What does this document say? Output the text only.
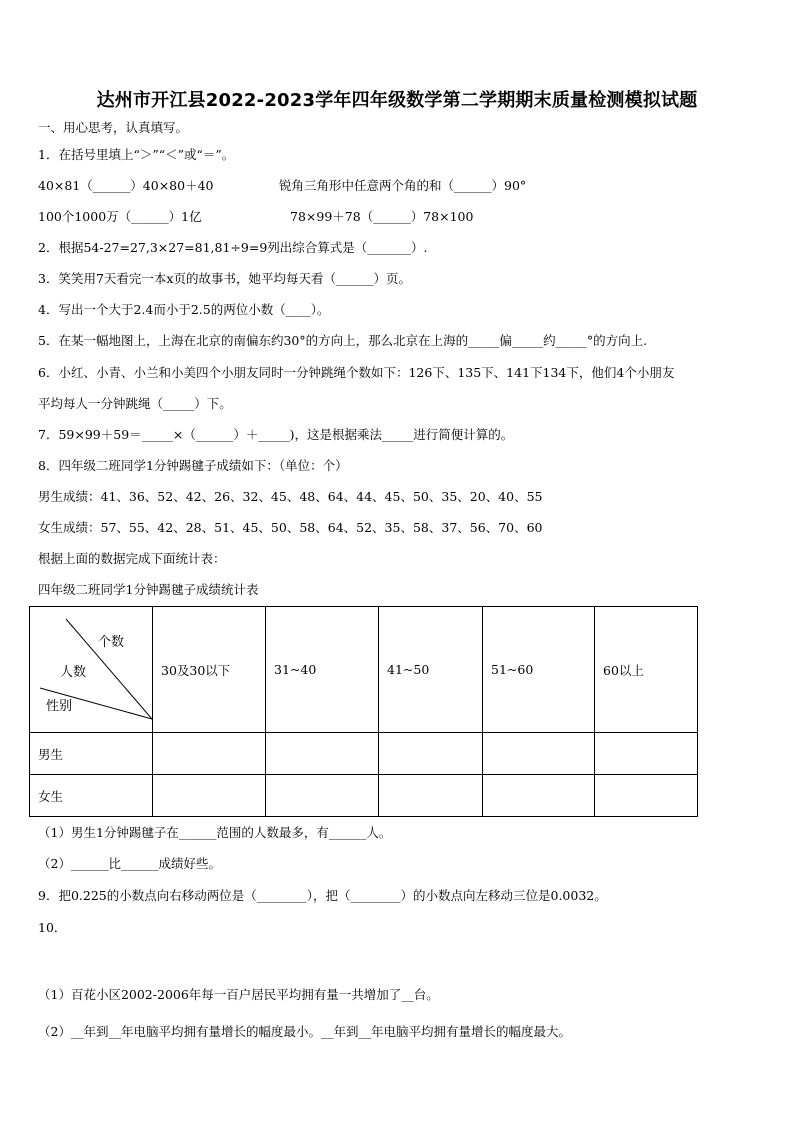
达州市开江县2022-2023学年四年级数学第二学期期末质量检测模拟试题
一、用心思考，认真填写。
1．在括号里填上“＞”“＜”或“＝”。
40×81（______）40×80＋40	锐角三角形中任意两个角的和（______）90°
100个1000万（______）1亿	78×99＋78（______）78×100
2．根据54-27=27,3×27=81,81÷9=9列出综合算式是（_______）.
3．笑笑用7天看完一本x页的故事书，她平均每天看（______）页。
4．写出一个大于2.4而小于2.5的两位小数（____）。
5．在某一幅地图上，上海在北京的南偏东约30°的方向上，那么北京在上海的_____偏_____约_____°的方向上.
6．小红、小青、小兰和小美四个小朋友同时一分钟跳绳个数如下：126下、135下、141下134下，他们4个小朋友
平均每人一分钟跳绳（_____）下。
7．59×99＋59＝_____×（______）＋_____)，这是根据乘法_____进行简便计算的。
8．四年级二班同学1分钟踢毽子成绩如下：（单位：个）
男生成绩：41、36、52、42、26、32、45、48、64、44、45、50、35、20、40、55
女生成绩：57、55、42、28、51、45、50、58、64、52、35、58、37、56、70、60
根据上面的数据完成下面统计表：
四年级二班同学1分钟踢毽子成绩统计表
个数
人数
性别	30及30以下	31~40	41~50	51~60	60以上
男生					
女生					
（1）男生1分钟踢毽子在______范围的人数最多，有______人。
（2）______比______成绩好些。
9．把0.225的小数点向右移动两位是（________），把（________）的小数点向左移动三位是0.0032。
10．
（1）百花小区2002-2006年每一百户居民平均拥有量一共增加了__台。
（2）__年到__年电脑平均拥有量增长的幅度最小。__年到__年电脑平均拥有量增长的幅度最大。
